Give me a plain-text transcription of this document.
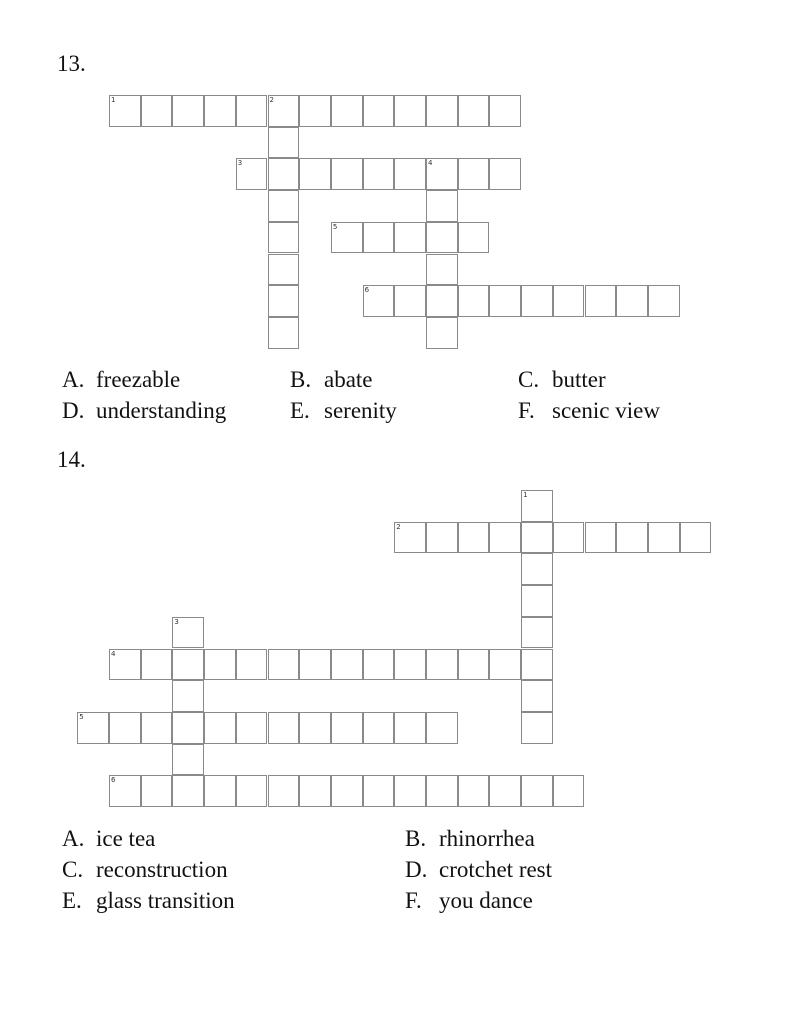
13.
1	2
3	4
5
6
A. freezable	B. abate	C. butter
D. understanding	E. serenity	F. scenic view
14.
1
2
3
4
5
6
A. ice tea	B. rhinorrhea
C. reconstruction	D. crotchet rest
E. glass transition	F. you dance
